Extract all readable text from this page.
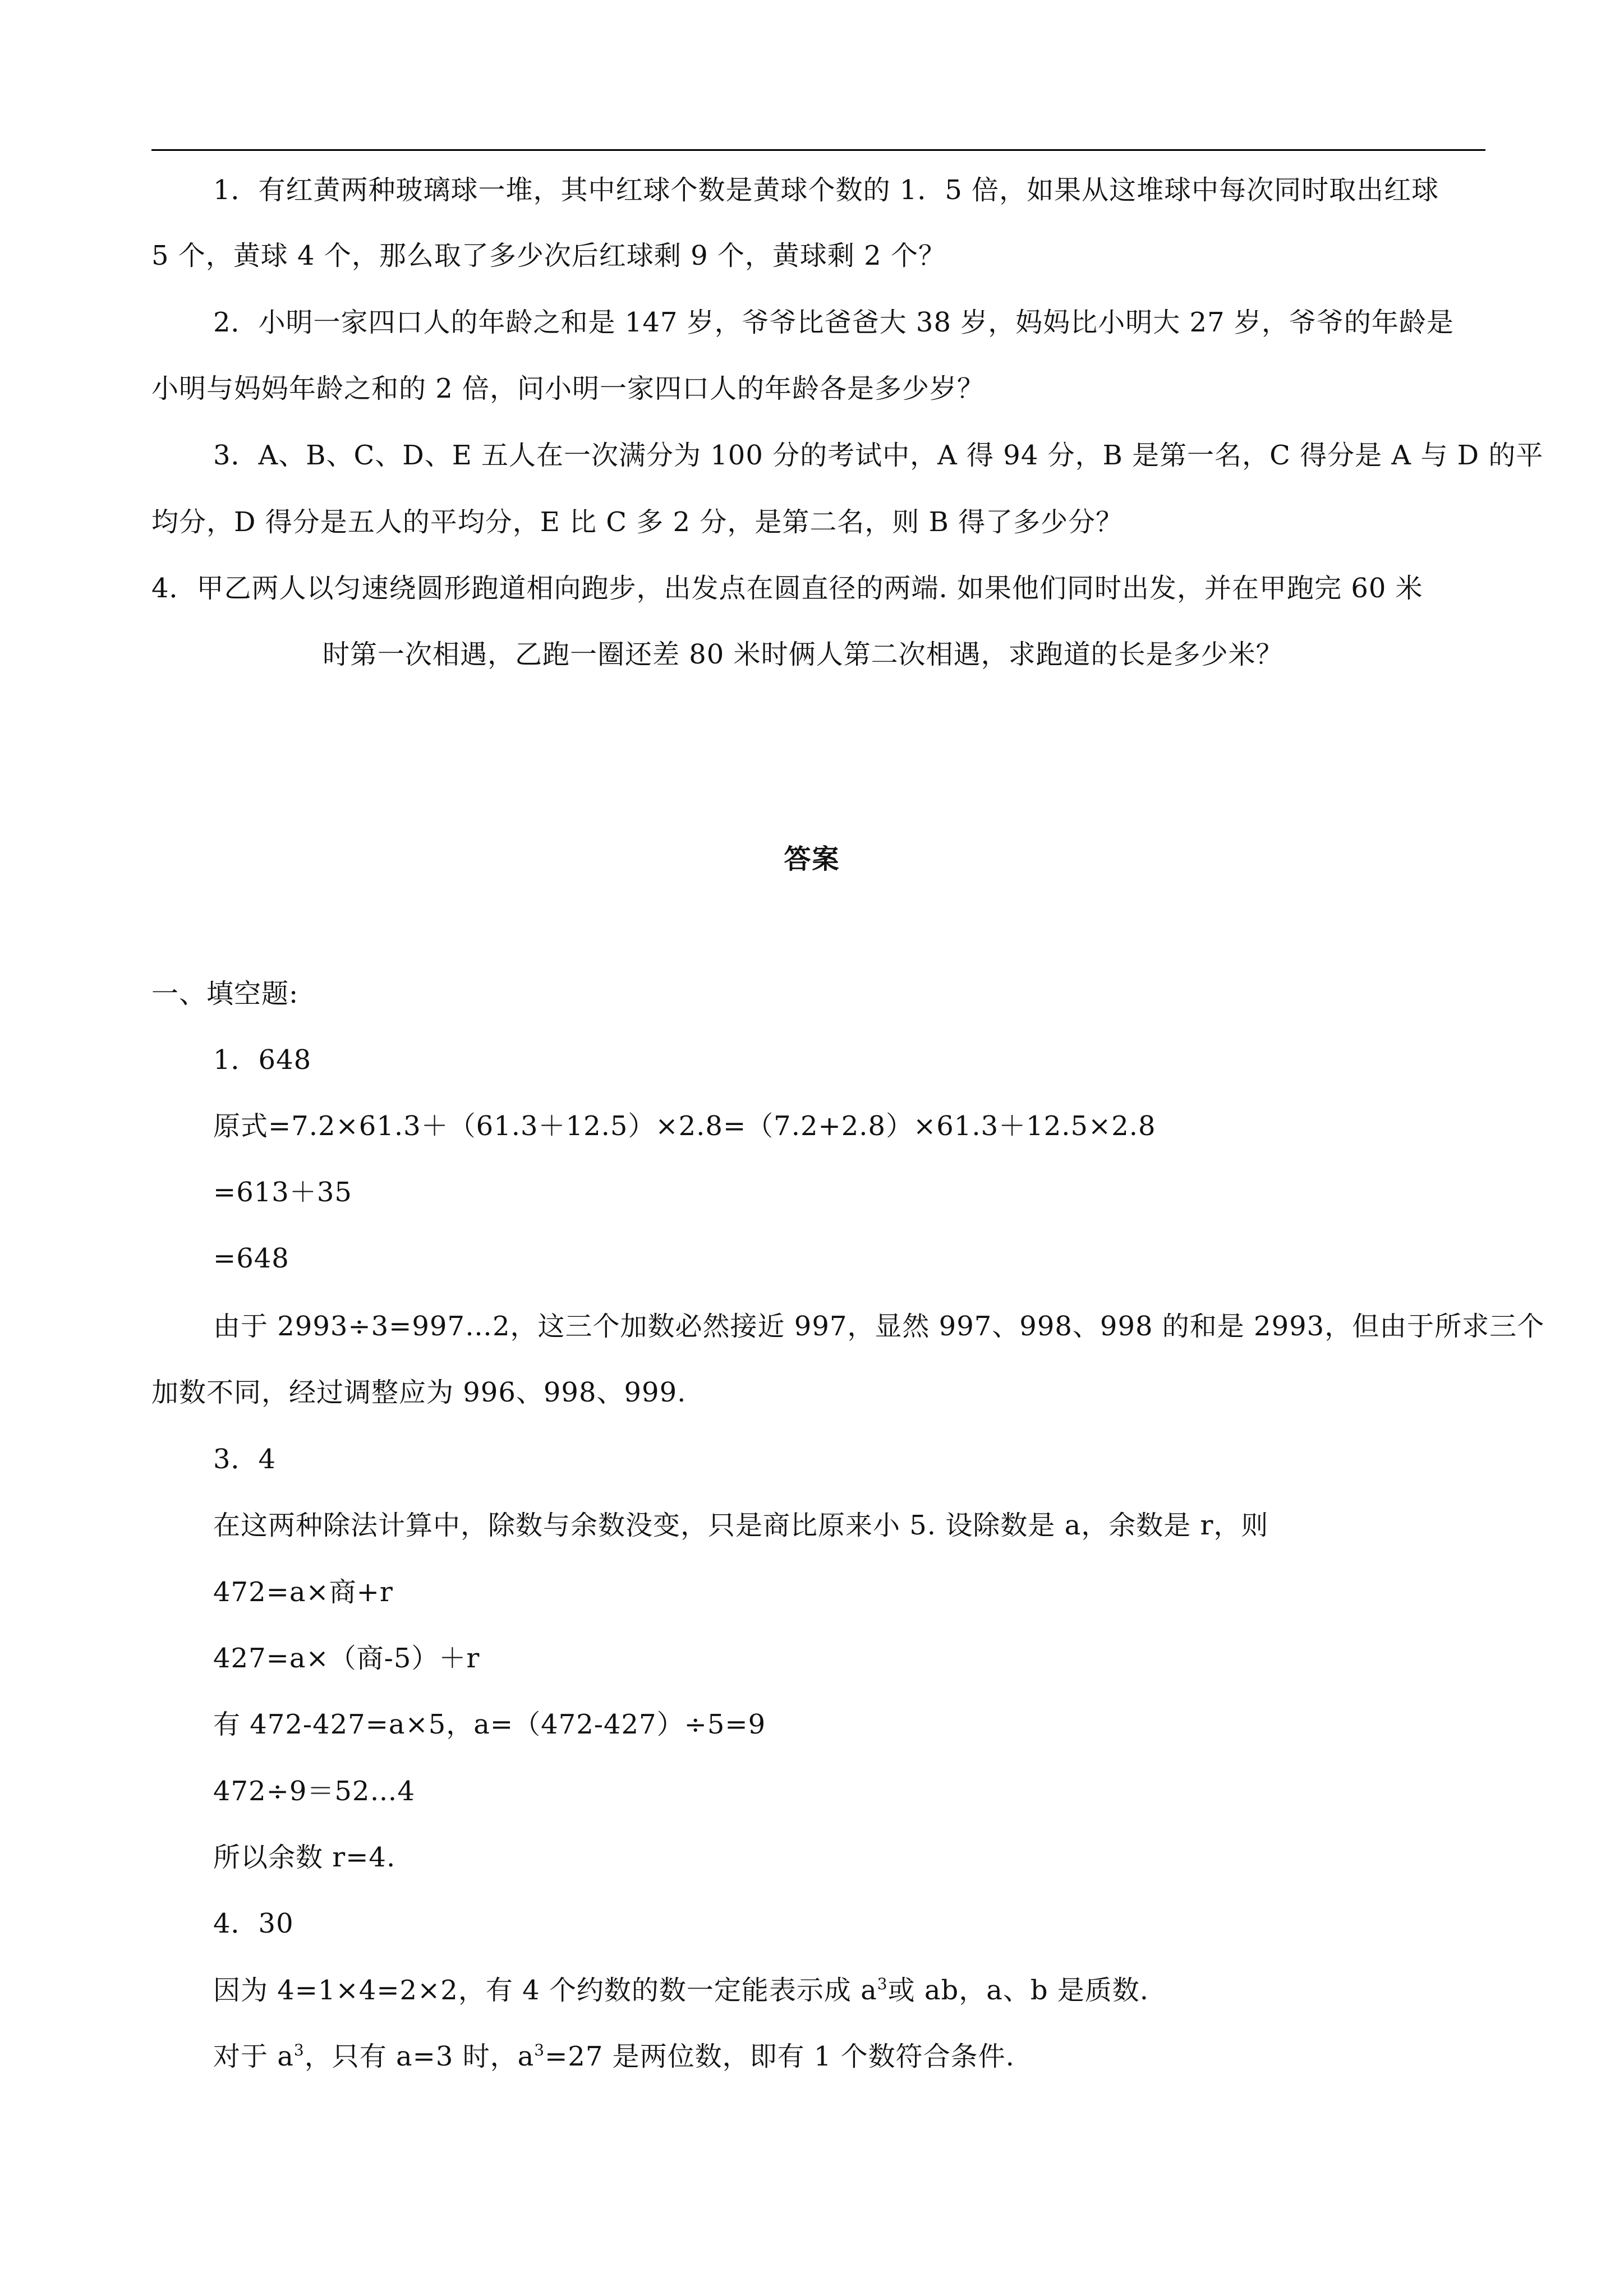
1．有红黄两种玻璃球一堆，其中红球个数是黄球个数的 1．5 倍，如果从这堆球中每次同时取出红球
5 个，黄球 4 个，那么取了多少次后红球剩 9 个，黄球剩 2 个？
2．小明一家四口人的年龄之和是 147 岁，爷爷比爸爸大 38 岁，妈妈比小明大 27 岁，爷爷的年龄是
小明与妈妈年龄之和的 2 倍，问小明一家四口人的年龄各是多少岁？
3．A、B、C、D、E 五人在一次满分为 100 分的考试中，A 得 94 分，B 是第一名，C 得分是 A 与 D 的平
均分，D 得分是五人的平均分，E 比 C 多 2 分，是第二名，则 B 得了多少分？
4．甲乙两人以匀速绕圆形跑道相向跑步，出发点在圆直径的两端. 如果他们同时出发，并在甲跑完 60 米
时第一次相遇，乙跑一圈还差 80 米时俩人第二次相遇，求跑道的长是多少米？
答案
一、填空题:
1．648
原式=7.2×61.3＋（61.3＋12.5）×2.8=（7.2+2.8）×61.3＋12.5×2.8
=613＋35
=648
由于 2993÷3=997…2，这三个加数必然接近 997，显然 997、998、998 的和是 2993，但由于所求三个
加数不同，经过调整应为 996、998、999.
3．4
在这两种除法计算中，除数与余数没变，只是商比原来小 5. 设除数是 a，余数是 r，则
472=a×商+r
427=a×（商-5）＋r
有 472-427=a×5，a=（472-427）÷5=9
472÷9＝52…4
所以余数 r=4.
4．30
因为 4=1×4=2×2，有 4 个约数的数一定能表示成 $a^3$或 ab，a、b 是质数.
对于 $a^3$，只有 a=3 时，$a^3=27$ 是两位数，即有 1 个数符合条件.
